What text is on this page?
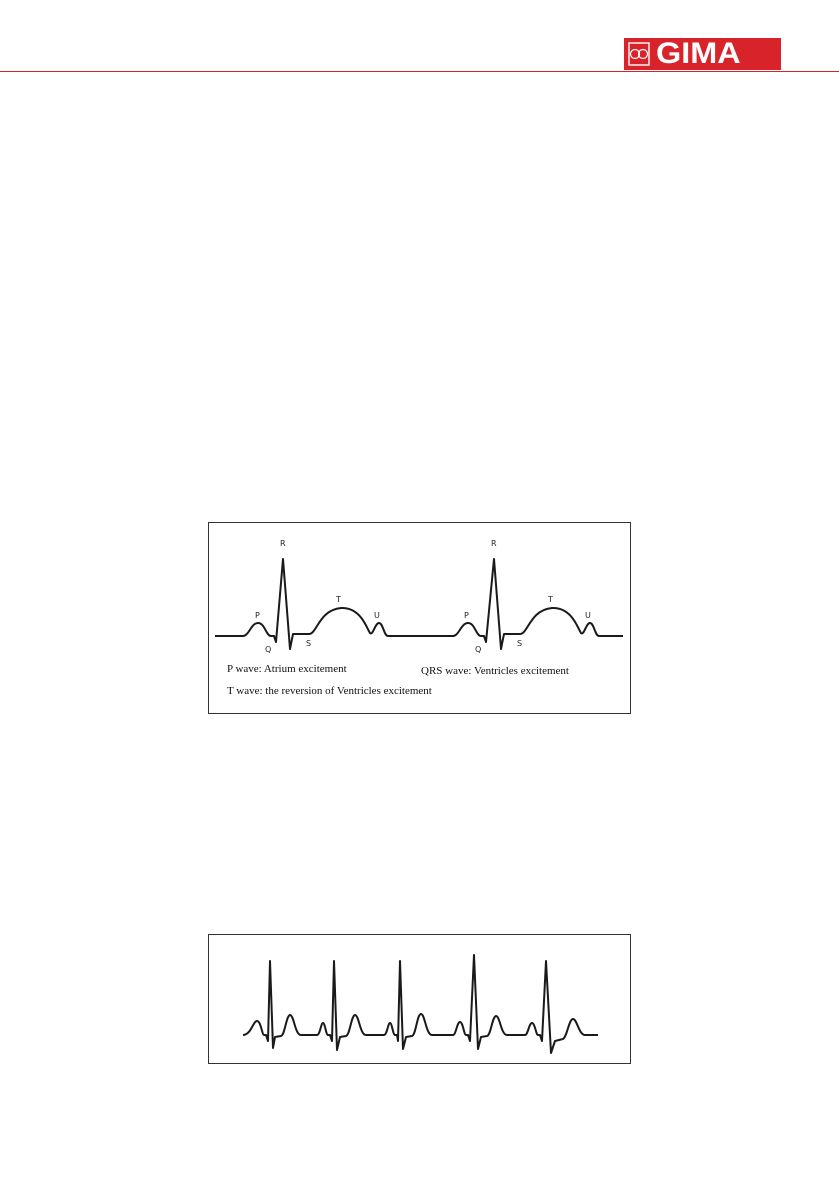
GIMA
P
R
Q
S
T
U	P
R
Q
S
T
U
P wave: Atrium excitement	QRS wave: Ventricles excitement
T wave: the reversion of Ventricles excitement
